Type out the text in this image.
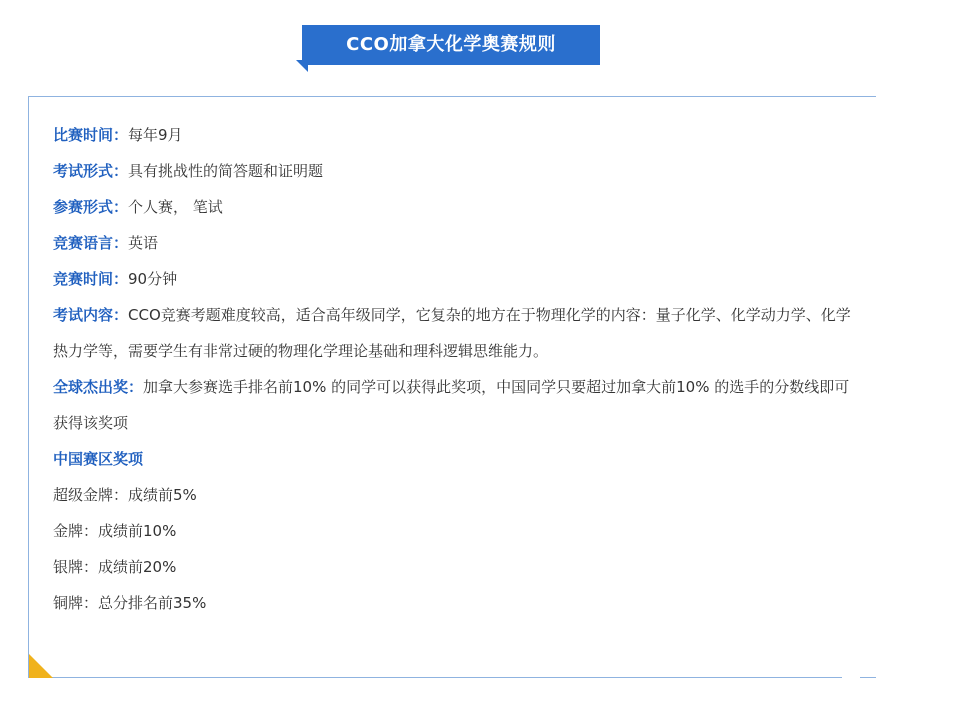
CCO加拿大化学奥赛规则
比赛时间：每年9月
考试形式：具有挑战性的简答题和证明题
参赛形式：个人赛， 笔试
竞赛语言：英语
竞赛时间：90分钟
考试内容：CCO竞赛考题难度较高，适合高年级同学，它复杂的地方在于物理化学的内容：量子化学、化学动力学、化学热力学等，需要学生有非常过硬的物理化学理论基础和理科逻辑思维能力。
全球杰出奖：加拿大参赛选手排名前10% 的同学可以获得此奖项，中国同学只要超过加拿大前10% 的选手的分数线即可获得该奖项
中国赛区奖项
超级金牌：成绩前5%
金牌：成绩前10%
银牌：成绩前20%
铜牌：总分排名前35%
